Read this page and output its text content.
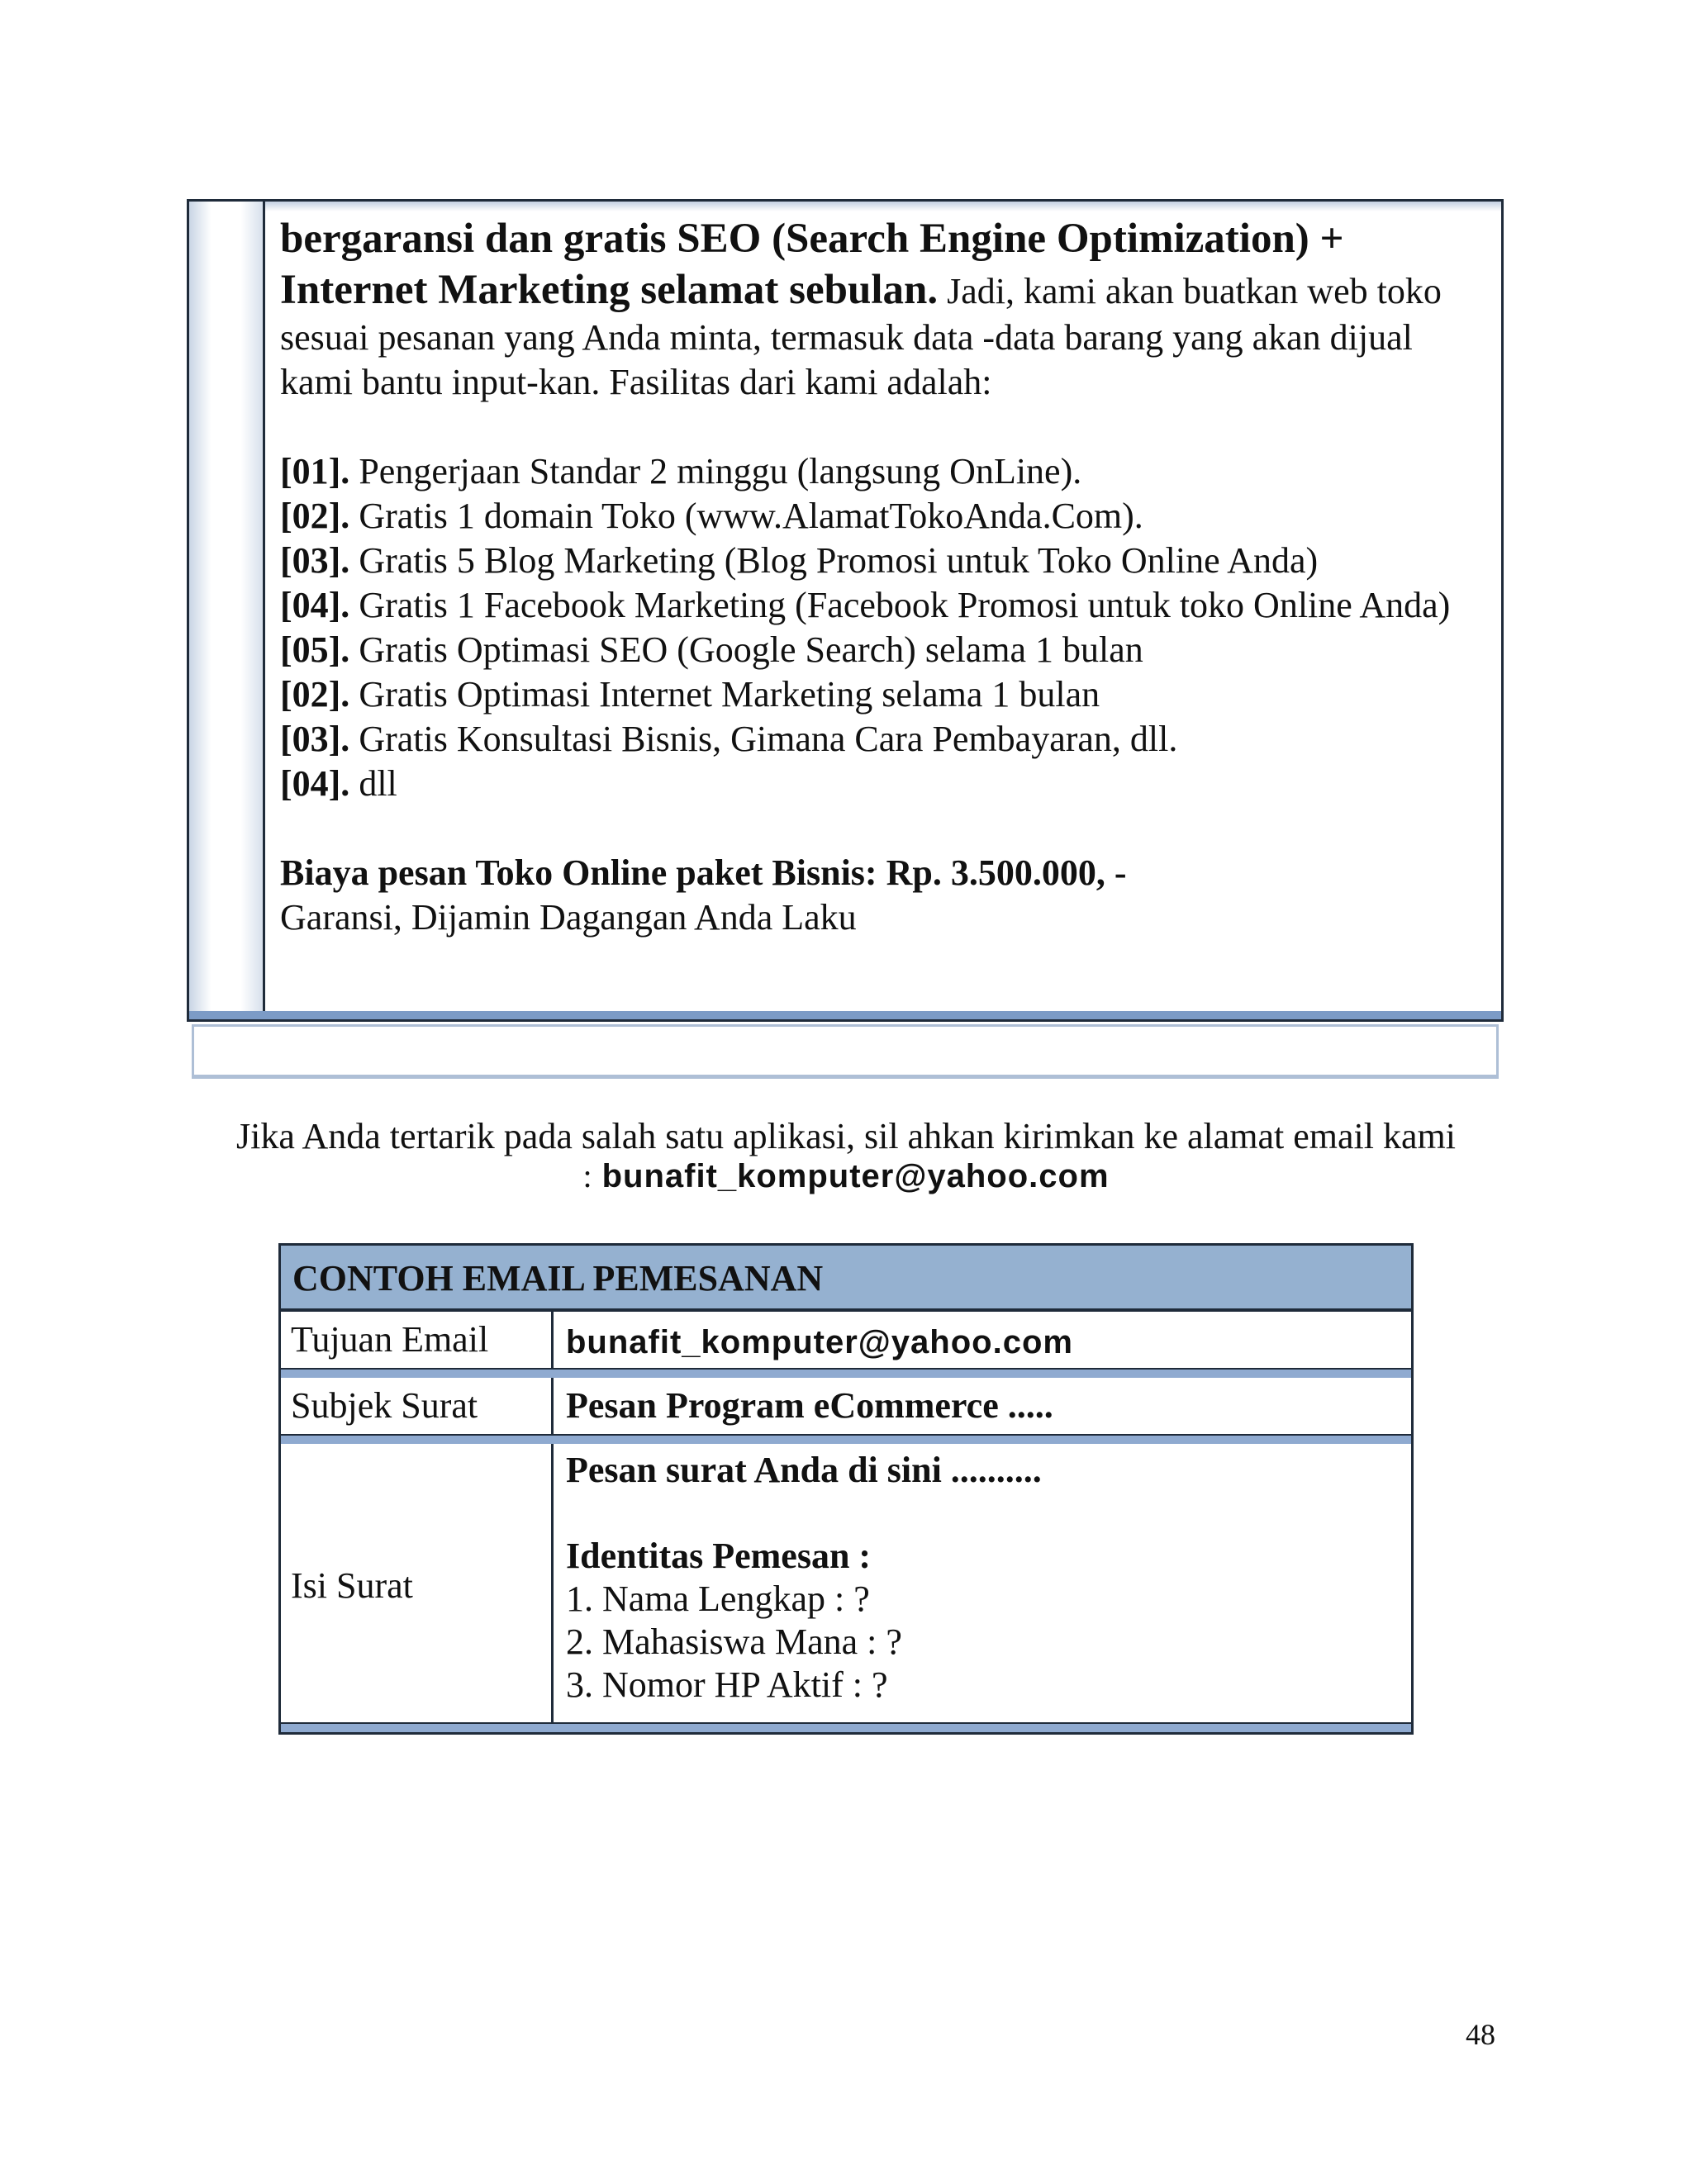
bergaransi dan gratis SEO (Search Engine Optimization) + Internet Marketing selamat sebulan. Jadi, kami akan buatkan web toko sesuai pesanan yang Anda minta, termasuk data -data barang yang akan dijual kami bantu input-kan. Fasilitas dari kami adalah:
[01]. Pengerjaan Standar 2 minggu (langsung OnLine).
[02]. Gratis 1 domain Toko (www.AlamatTokoAnda.Com).
[03]. Gratis 5 Blog Marketing (Blog Promosi untuk Toko Online Anda)
[04]. Gratis 1 Facebook Marketing (Facebook Promosi untuk toko Online Anda)
[05]. Gratis Optimasi SEO (Google Search) selama 1 bulan
[02]. Gratis Optimasi Internet Marketing selama 1 bulan
[03]. Gratis Konsultasi Bisnis, Gimana Cara Pembayaran, dll.
[04]. dll
Biaya pesan Toko Online paket Bisnis: Rp. 3.500.000, -
Garansi, Dijamin Dagangan Anda Laku
Jika Anda tertarik pada salah satu aplikasi, sil ahkan kirimkan ke alamat email kami
: bunafit_komputer@yahoo.com
CONTOH EMAIL PEMESANAN
Tujuan Email	bunafit_komputer@yahoo.com
Subjek Surat	Pesan Program eCommerce .....
Isi Surat
Pesan surat Anda di sini ..........
Identitas Pemesan :
1. Nama Lengkap : ?
2. Mahasiswa Mana : ?
3. Nomor HP Aktif : ?
48
